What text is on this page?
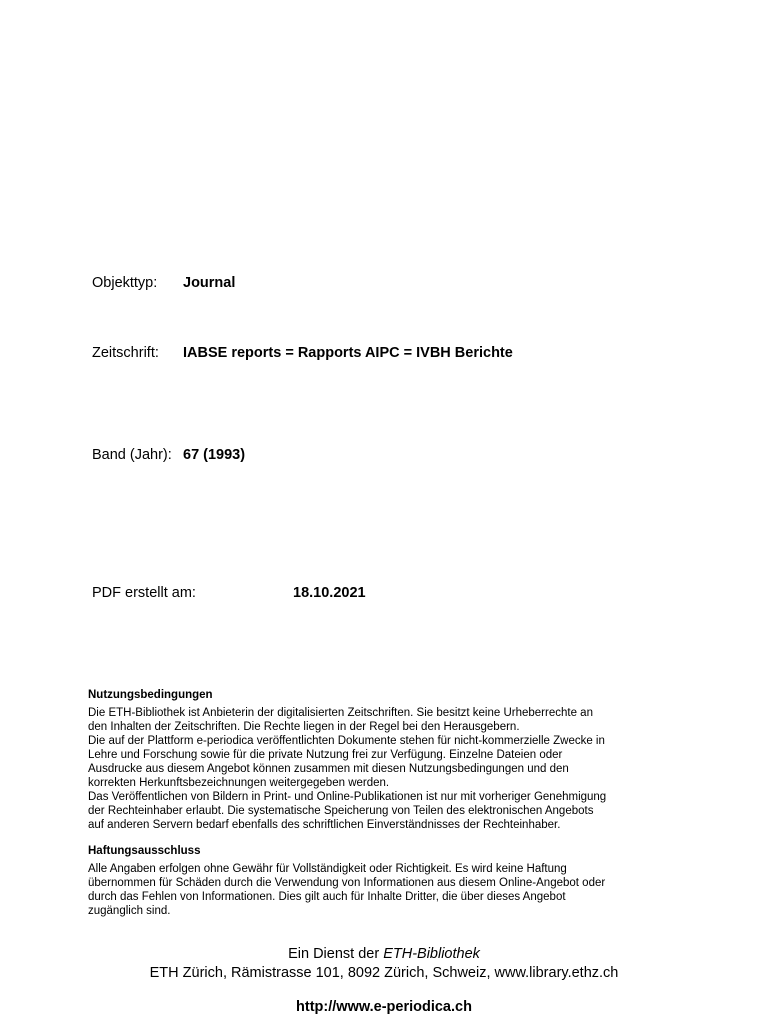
Objekttyp: Journal
Zeitschrift: IABSE reports = Rapports AIPC = IVBH Berichte
Band (Jahr): 67 (1993)
PDF erstellt am:	18.10.2021
Nutzungsbedingungen

Die ETH-Bibliothek ist Anbieterin der digitalisierten Zeitschriften. Sie besitzt keine Urheberrechte an

den Inhalten der Zeitschriften. Die Rechte liegen in der Regel bei den Herausgebern.

Die auf der Plattform e-periodica veröffentlichten Dokumente stehen für nicht-kommerzielle Zwecke in

Lehre und Forschung sowie für die private Nutzung frei zur Verfügung. Einzelne Dateien oder

Ausdrucke aus diesem Angebot können zusammen mit diesen Nutzungsbedingungen und den

korrekten Herkunftsbezeichnungen weitergegeben werden.

Das Veröffentlichen von Bildern in Print- und Online-Publikationen ist nur mit vorheriger Genehmigung

der Rechteinhaber erlaubt. Die systematische Speicherung von Teilen des elektronischen Angebots

auf anderen Servern bedarf ebenfalls des schriftlichen Einverständnisses der Rechteinhaber.

Haftungsausschluss

Alle Angaben erfolgen ohne Gewähr für Vollständigkeit oder Richtigkeit. Es wird keine Haftung

übernommen für Schäden durch die Verwendung von Informationen aus diesem Online-Angebot oder

durch das Fehlen von Informationen. Dies gilt auch für Inhalte Dritter, die über dieses Angebot

zugänglich sind.

Ein Dienst der ETH-Bibliothek
ETH Zürich, Rämistrasse 101, 8092 Zürich, Schweiz, www.library.ethz.ch
http://www.e-periodica.ch
